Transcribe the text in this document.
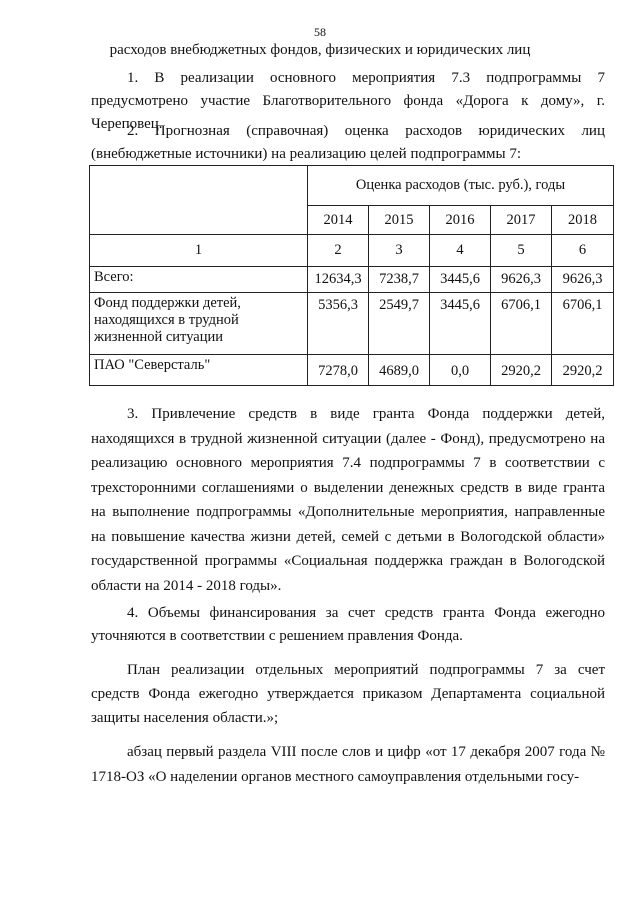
58
расходов внебюджетных фондов, физических и юридических лиц

1. В реализации основного мероприятия 7.3 подпрограммы 7 предусмотрено участие Благотворительного фонда «Дорога к дому», г. Череповец.

2. Прогнозная (справочная) оценка расходов юридических лиц (внебюджетные источники) на реализацию целей подпрограммы 7:

	Оценка расходов (тыс. руб.), годы				
	2014	2015	2016	2017	2018
1	2	3	4	5	6
Всего:	12634,3	7238,7	3445,6	9626,3	9626,3
Фонд поддержки детей, находящихся в трудной жизненной ситуации	5356,3	2549,7	3445,6	6706,1	6706,1
ПАО "Северсталь"	7278,0	4689,0	0,0	2920,2	2920,2

3. Привлечение средств в виде гранта Фонда поддержки детей, находящихся в трудной жизненной ситуации (далее - Фонд), предусмотрено на реализацию основного мероприятия 7.4 подпрограммы 7 в соответствии с трехсторонними соглашениями о выделении денежных средств в виде гранта на выполнение подпрограммы «Дополнительные мероприятия, направленные на повышение качества жизни детей, семей с детьми в Вологодской области» государственной программы «Социальная поддержка граждан в Вологодской области на 2014 - 2018 годы».

4. Объемы финансирования за счет средств гранта Фонда ежегодно уточняются в соответствии с решением правления Фонда.

План реализации отдельных мероприятий подпрограммы 7 за счет средств Фонда ежегодно утверждается приказом Департамента социальной защиты населения области.»;

абзац первый раздела VIII после слов и цифр «от 17 декабря 2007 года № 1718-ОЗ «О наделении органов местного самоуправления отдельными госу-
